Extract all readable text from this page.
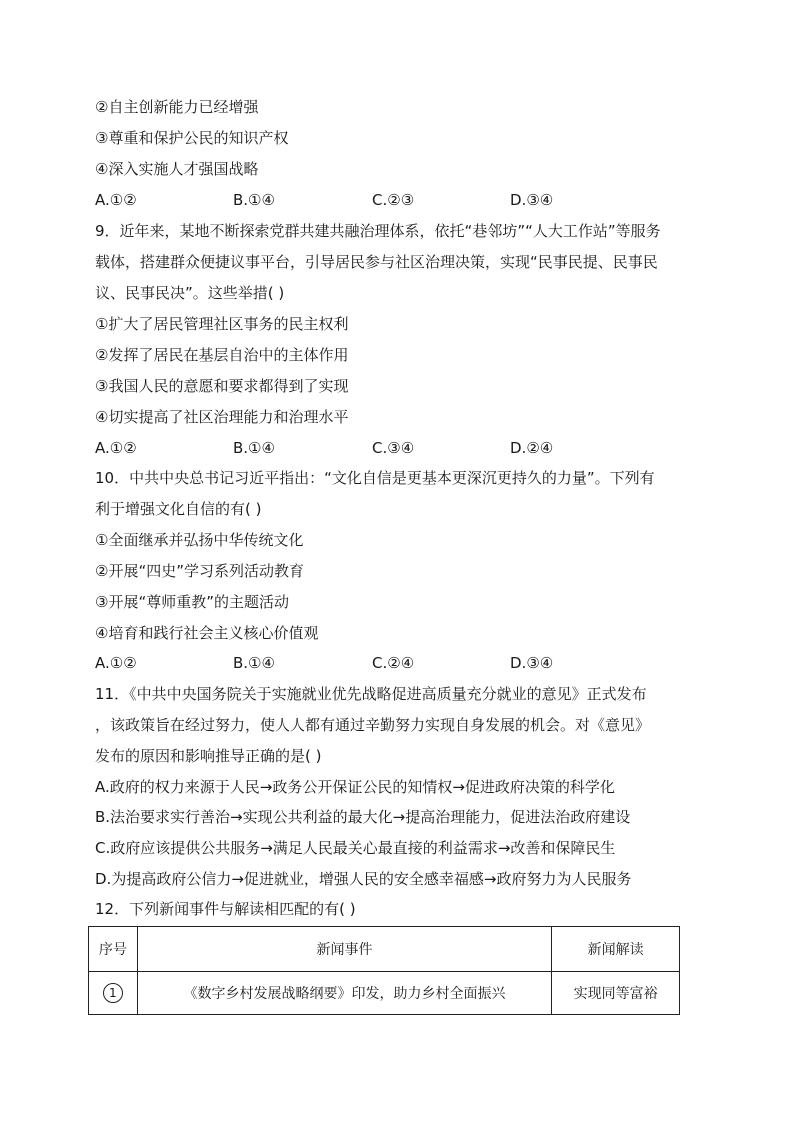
②自主创新能力已经增强
③尊重和保护公民的知识产权
④深入实施人才强国战略
A.①②	B.①④	C.②③	D.③④
9．近年来，某地不断探索党群共建共融治理体系，依托“巷邻坊”“人大工作站”等服务
载体，搭建群众便捷议事平台，引导居民参与社区治理决策，实现“民事民提、民事民
议、民事民决”。这些举措( )
①扩大了居民管理社区事务的民主权利
②发挥了居民在基层自治中的主体作用
③我国人民的意愿和要求都得到了实现
④切实提高了社区治理能力和治理水平
A.①②	B.①④	C.③④	D.②④
10．中共中央总书记习近平指出：“文化自信是更基本更深沉更持久的力量”。下列有
利于增强文化自信的有( )
①全面继承并弘扬中华传统文化
②开展“四史”学习系列活动教育
③开展“尊师重教”的主题活动
④培育和践行社会主义核心价值观
A.①②	B.①④	C.②④	D.③④
11．《中共中央国务院关于实施就业优先战略促进高质量充分就业的意见》正式发布
，该政策旨在经过努力，使人人都有通过辛勤努力实现自身发展的机会。对《意见》
发布的原因和影响推导正确的是( )
A.政府的权力来源于人民→政务公开保证公民的知情权→促进政府决策的科学化
B.法治要求实行善治→实现公共利益的最大化→提高治理能力，促进法治政府建设
C.政府应该提供公共服务→满足人民最关心最直接的利益需求→改善和保障民生
D.为提高政府公信力→促进就业，增强人民的安全感幸福感→政府努力为人民服务
12．下列新闻事件与解读相匹配的有( )
序号	新闻事件	新闻解读
1	《数字乡村发展战略纲要》印发，助力乡村全面振兴	实现同等富裕
